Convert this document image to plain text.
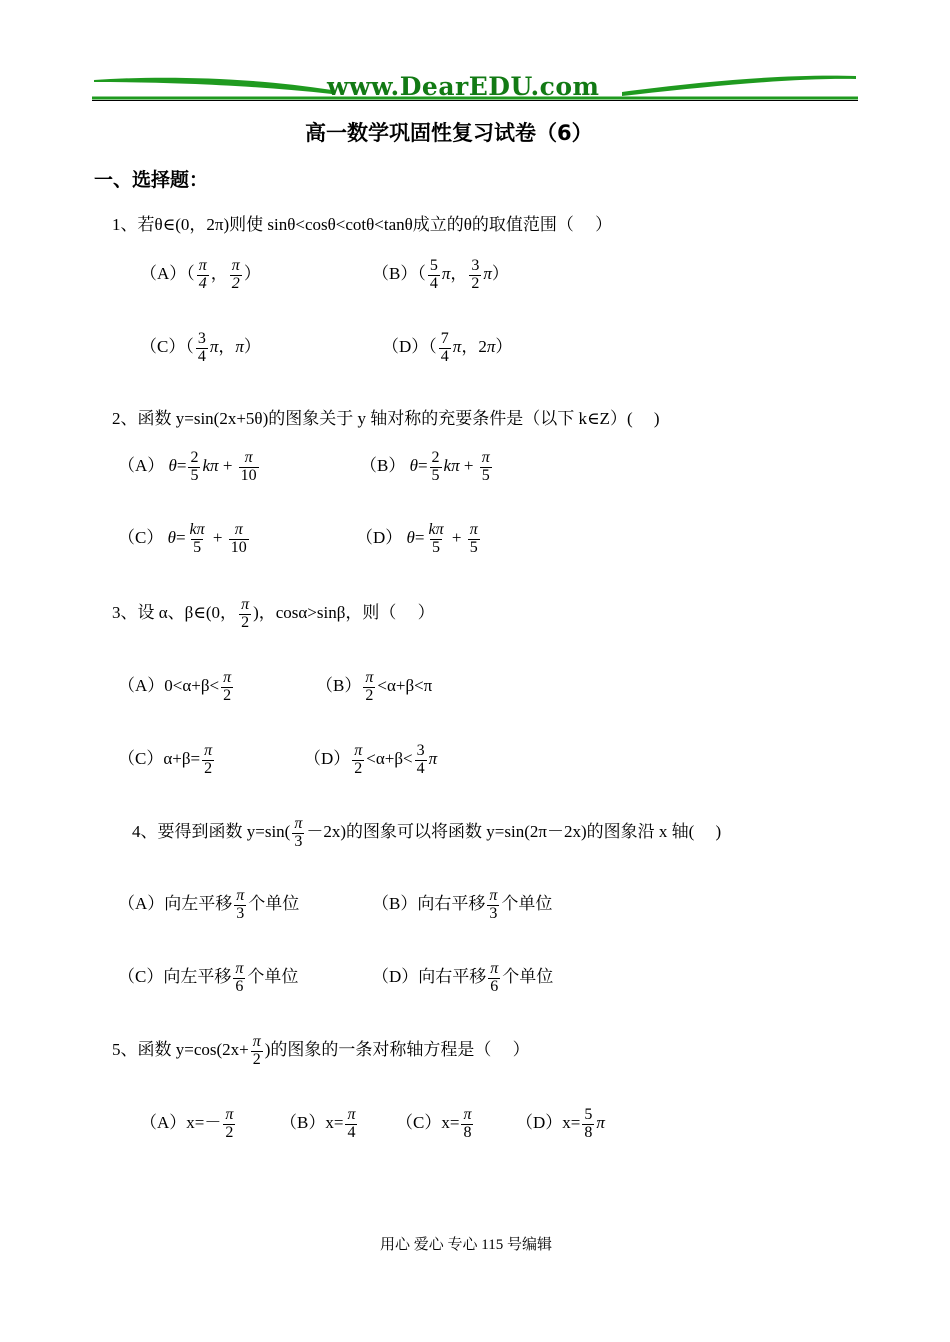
www.DearEDU.com
高一数学巩固性复习试卷（6）
一、选择题：
1、若θ∈(0，2π)则使 sinθ<cosθ<cotθ<tanθ成立的θ的取值范围（　 ）
$(A)( \frac{\pi}{4}$ ， $\frac{\pi}{2}$ ）	$(B)( \frac{5}{4}$ π， $\frac{3}{2} \pi$）
$(C)( \frac{3}{4}$ π，π）	$(D)( \frac{7}{4}$ π，2π）
2、函数 y=sin(2x+5θ)的图象关于 y 轴对称的充要条件是（以下 k∈Z）(　 )
（A） $\theta= \frac{2}{5}$ $k\pi + \frac{\pi}{10}$	（B） $\theta= \frac{2}{5}$ $k\pi + \frac{\pi}{5}$
（C） $\theta= \frac{k\pi}{5} + \frac{\pi}{10}$	（D） $\theta= \frac{k\pi}{5} + \frac{\pi}{5}$
3、设 α、β∈(0， $\frac{\pi}{2}$ )，cosα>sinβ，则（　 ）
$(A)0<\alpha+\beta< \frac{\pi}{2}$	$(B) \frac{\pi}{2} <\alpha+\beta<\pi$
$(C)\alpha+\beta= \frac{\pi}{2}$	$(D) \frac{\pi}{2} <\alpha+\beta< \frac{3}{4}$ π
4、要得到函数 $y=\sin( \frac{\pi}{3} -2x)$的图象可以将函数 y=sin(2π－2x)的图象沿 x 轴(　 )
（A）向左平移 $\frac{\pi}{3}$ 个单位	（B）向右平移 $\frac{\pi}{3}$ 个单位
（C）向左平移 $\frac{\pi}{6}$ 个单位	（D）向右平移 $\frac{\pi}{6}$ 个单位
5、函数 $y=\cos(2x+ \frac{\pi}{2}$ )的图象的一条对称轴方程是（　 ）
$(A)x=- \frac{\pi}{2}$	$(B)x= \frac{\pi}{4} (C)x= \frac{\pi}{8}$	$(D)x= \frac{5}{8}$ π
用心 爱心 专心 115 号编辑
